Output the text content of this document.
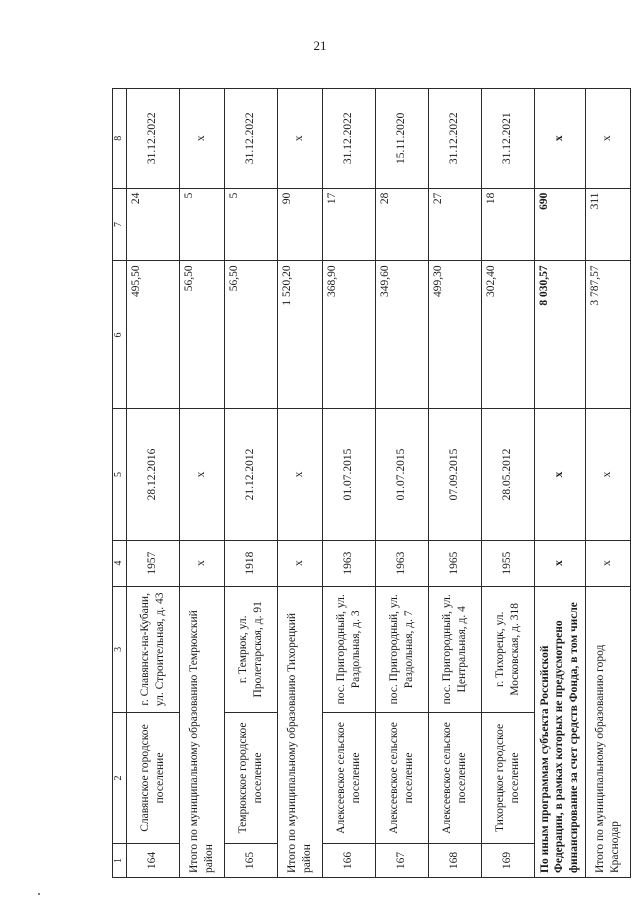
21
1	2	3	4	5	6	7	8
164	Славянское городское поселение	г. Славянск-на-Кубани, ул. Строительная, д. 43	1957	28.12.2016	495,50	24	31.12.2022
Итого по муниципальному образованию Темрюкский район			х	х	56,50	5	х
165	Темрюкское городское поселение	г. Темрюк, ул. Пролетарская, д. 91	1918	21.12.2012	56,50	5	31.12.2022
Итого по муниципальному образованию Тихорецкий район			х	х	1 520,20	90	х
166	Алексеевское сельское поселение	пос. Пригородный, ул. Раздольная, д. 3	1963	01.07.2015	368,90	17	31.12.2022
167	Алексеевское сельское поселение	пос. Пригородный, ул. Раздольная, д. 7	1963	01.07.2015	349,60	28	15.11.2020
168	Алексеевское сельское поселение	пос. Пригородный, ул. Центральная, д. 4	1965	07.09.2015	499,30	27	31.12.2022
169	Тихорецкое городское поселение	г. Тихорецк, ул. Московская, д. 318	1955	28.05.2012	302,40	18	31.12.2021
По иным программам субъекта Российской Федерации, в рамках которых не предусмотрено финансирование за счет средств Фонда, в том числе			х	х	8 030,57	690	х
Итого по муниципальному образованию город Краснодар			х	х	3 787,57	311	х
